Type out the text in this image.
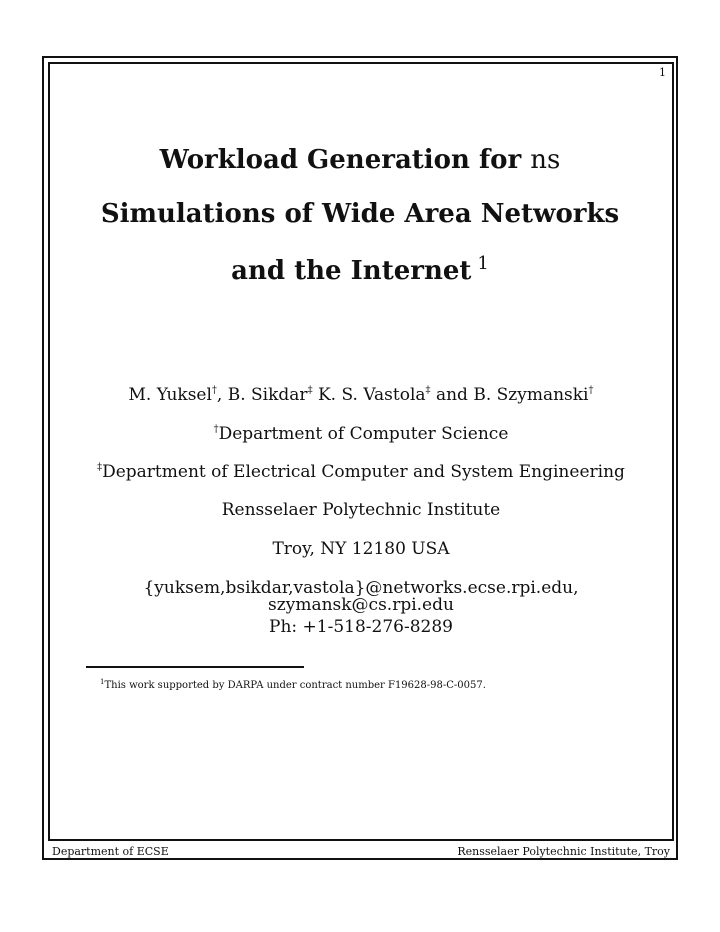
1
Workload Generation for ns
Simulations of Wide Area Networks
and the Internet $^1$
M. Yuksel†, B. Sikdar‡ K. S. Vastola‡ and B. Szymanski†
†Department of Computer Science
‡Department of Electrical Computer and System Engineering
Rensselaer Polytechnic Institute
Troy, NY 12180 USA
{yuksem,bsikdar,vastola}@networks.ecse.rpi.edu, szymansk@cs.rpi.edu
Ph: +1-518-276-8289
$^1$This work supported by DARPA under contract number F19628-98-C-0057.
Department of ECSE	Rensselaer Polytechnic Institute, Troy
